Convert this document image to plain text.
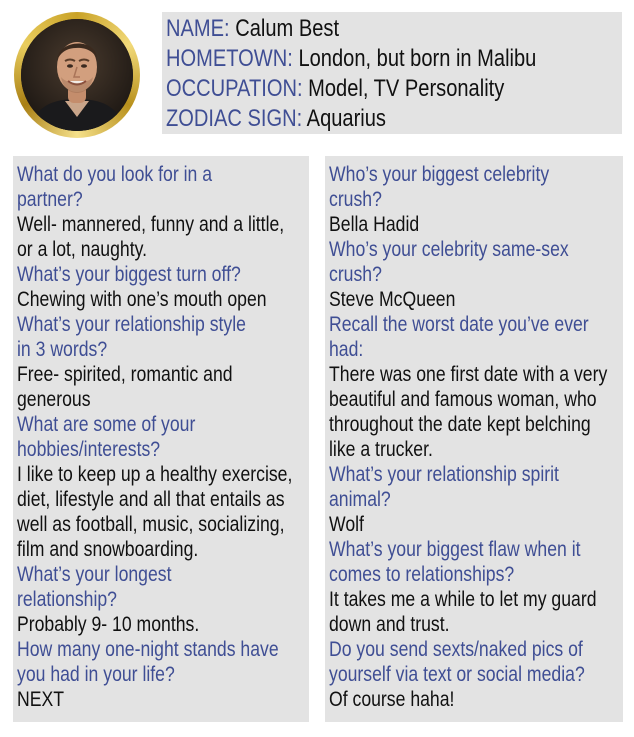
NAME: Calum Best
HOMETOWN: London, but born in Malibu
OCCUPATION: Model, TV Personality
ZODIAC SIGN: Aquarius
What do you look for in a
partner?
Well- mannered, funny and a little,
or a lot, naughty.
What’s your biggest turn off?
Chewing with one’s mouth open
What’s your relationship style
in 3 words?
Free- spirited, romantic and
generous
What are some of your
hobbies/interests?
I like to keep up a healthy exercise,
diet, lifestyle and all that entails as
well as football, music, socializing,
film and snowboarding.
What’s your longest
relationship?
Probably 9- 10 months.
How many one-night stands have
you had in your life?
NEXT
Who’s your biggest celebrity
crush?
Bella Hadid
Who’s your celebrity same-sex
crush?
Steve McQueen
Recall the worst date you’ve ever
had:
There was one first date with a very
beautiful and famous woman, who
throughout the date kept belching
like a trucker.
What’s your relationship spirit
animal?
Wolf
What’s your biggest flaw when it
comes to relationships?
It takes me a while to let my guard
down and trust.
Do you send sexts/naked pics of
yourself via text or social media?
Of course haha!
